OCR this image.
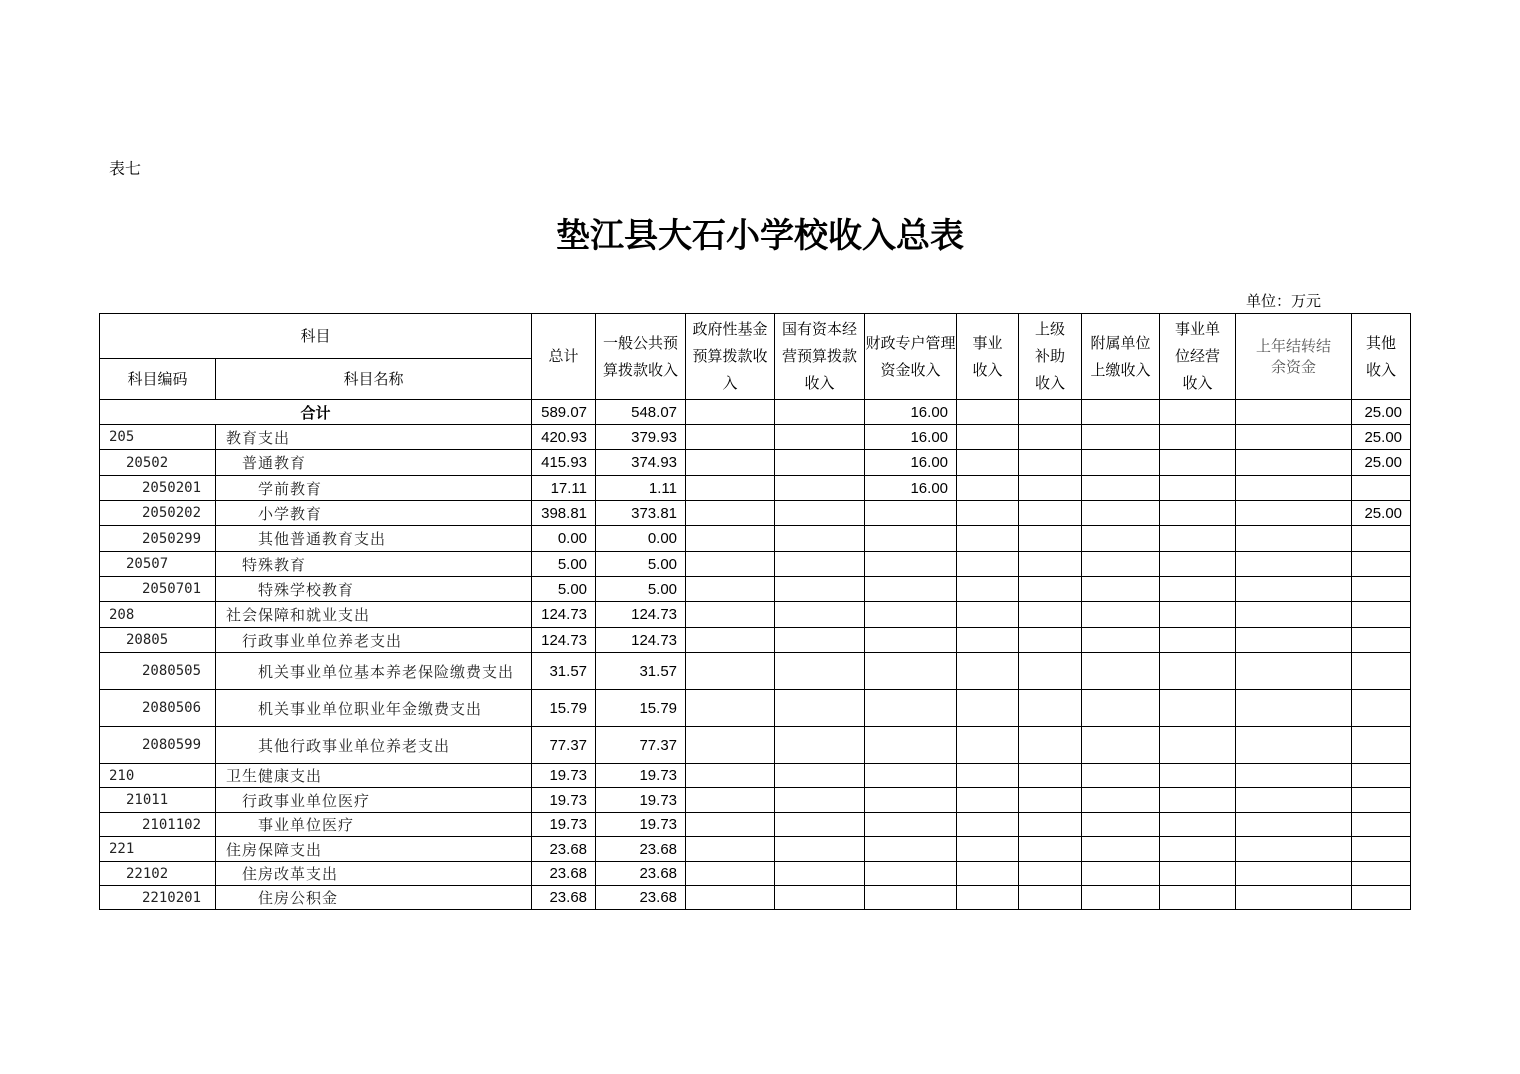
表七
垫江县大石小学校收入总表
单位：万元
科目		总计	一般公共预算拨款收入	政府性基金预算拨款收入	国有资本经营预算拨款收入	财政专户管理资金收入	事业收入	上级补助收入	附属单位上缴收入	事业单位经营收入	上年结转结余资金	其他收入
科目编码	科目名称											
合计		589.07	548.07			16.00						25.00
205	教育支出	420.93	379.93			16.00						25.00
20502	普通教育	415.93	374.93			16.00						25.00
2050201	学前教育	17.11	1.11			16.00						
2050202	小学教育	398.81	373.81									25.00
2050299	其他普通教育支出	0.00	0.00									
20507	特殊教育	5.00	5.00									
2050701	特殊学校教育	5.00	5.00									
208	社会保障和就业支出	124.73	124.73									
20805	行政事业单位养老支出	124.73	124.73									
2080505	机关事业单位基本养老保险缴费支出	31.57	31.57									
2080506	机关事业单位职业年金缴费支出	15.79	15.79									
2080599	其他行政事业单位养老支出	77.37	77.37									
210	卫生健康支出	19.73	19.73									
21011	行政事业单位医疗	19.73	19.73									
2101102	事业单位医疗	19.73	19.73									
221	住房保障支出	23.68	23.68									
22102	住房改革支出	23.68	23.68									
2210201	住房公积金	23.68	23.68									
